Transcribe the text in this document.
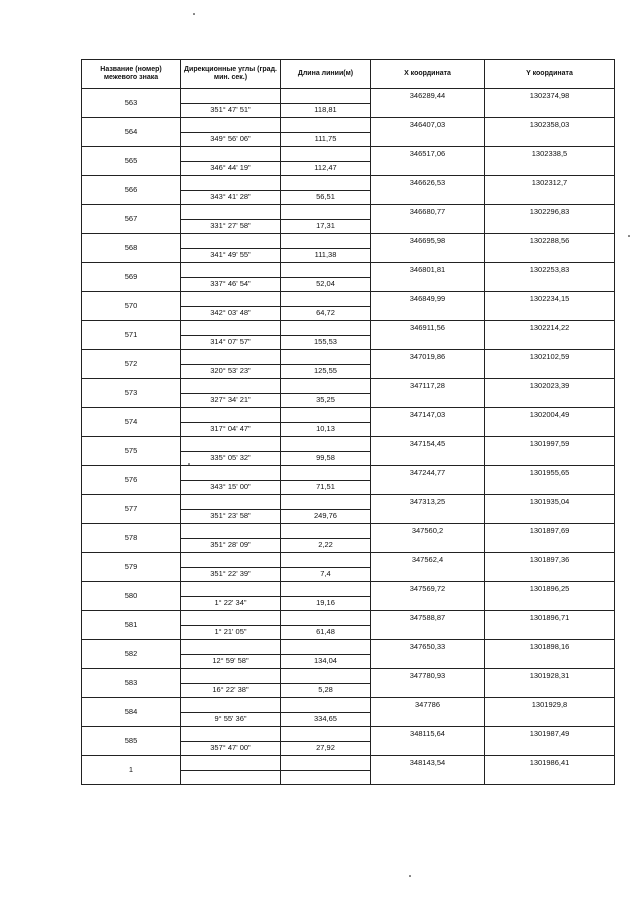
Название (номер) межевого знака	Дирекционные углы (град. мин. сек.)	Длина линии(м)	X координата	Y координата
563			346289,44	1302374,98
	351° 47' 51"	118,81		
564			346407,03	1302358,03
	349° 56' 06"	111,75		
565			346517,06	1302338,5
	346° 44' 19"	112,47		
566			346626,53	1302312,7
	343° 41' 28"	56,51		
567			346680,77	1302296,83
	331° 27' 58"	17,31		
568			346695,98	1302288,56
	341° 49' 55"	111,38		
569			346801,81	1302253,83
	337° 46' 54"	52,04		
570			346849,99	1302234,15
	342° 03' 48"	64,72		
571			346911,56	1302214,22
	314° 07' 57"	155,53		
572			347019,86	1302102,59
	320° 53' 23"	125,55		
573			347117,28	1302023,39
	327° 34' 21"	35,25		
574			347147,03	1302004,49
	317° 04' 47"	10,13		
575			347154,45	1301997,59
	335° 05' 32"	99,58		
576			347244,77	1301955,65
	343° 15' 00"	71,51		
577			347313,25	1301935,04
	351° 23' 58"	249,76		
578			347560,2	1301897,69
	351° 28' 09"	2,22		
579			347562,4	1301897,36
	351° 22' 39"	7,4		
580			347569,72	1301896,25
	1° 22' 34"	19,16		
581			347588,87	1301896,71
	1° 21' 05"	61,48		
582			347650,33	1301898,16
	12° 59' 58"	134,04		
583			347780,93	1301928,31
	16° 22' 38"	5,28		
584			347786	1301929,8
	9° 55' 36"	334,65		
585			348115,64	1301987,49
	357° 47' 00"	27,92		
1			348143,54	1301986,41
